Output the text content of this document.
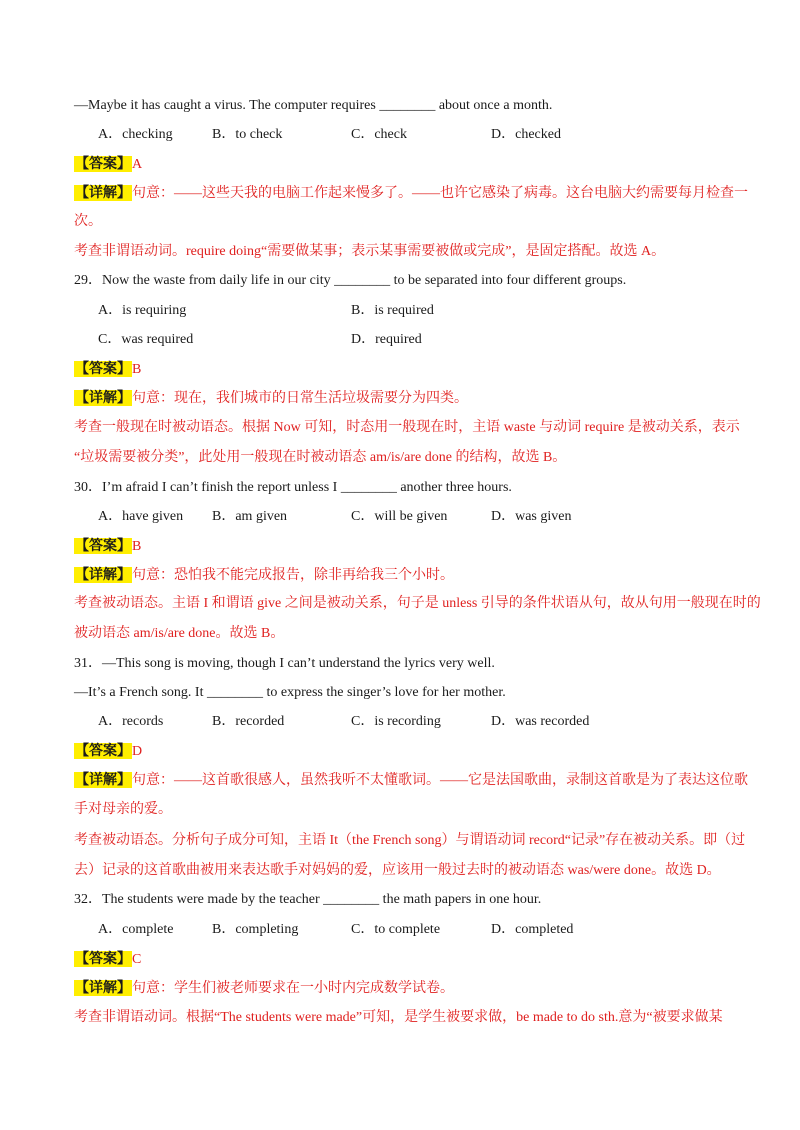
—Maybe it has caught a virus. The computer requires ________ about once a month.
A．checking	B．to check	C．check	D．checked
【答案】A
【详解】句意：——这些天我的电脑工作起来慢多了。——也许它感染了病毒。这台电脑大约需要每月检查一
次。
考查非谓语动词。require doing“需要做某事；表示某事需要被做或完成”，是固定搭配。故选 A。
29．Now the waste from daily life in our city ________ to be separated into four different groups.
A．is requiring	B．is required
C．was required	D．required
【答案】B
【详解】句意：现在，我们城市的日常生活垃圾需要分为四类。
考查一般现在时被动语态。根据 Now 可知，时态用一般现在时，主语 waste 与动词 require 是被动关系，表示
“垃圾需要被分类”，此处用一般现在时被动语态 am/is/are done 的结构，故选 B。
30．I’m afraid I can’t finish the report unless I ________ another three hours.
A．have given B．am given	C．will be given	D．was given
【答案】B
【详解】句意：恐怕我不能完成报告，除非再给我三个小时。
考查被动语态。主语 I 和谓语 give 之间是被动关系，句子是 unless 引导的条件状语从句，故从句用一般现在时的
被动语态 am/is/are done。故选 B。
31．—This song is moving, though I can’t understand the lyrics very well.
—It’s a French song. It ________ to express the singer’s love for her mother.
A．records	B．recorded	C．is recording	D．was recorded
【答案】D
【详解】句意：——这首歌很感人，虽然我听不太懂歌词。——它是法国歌曲，录制这首歌是为了表达这位歌
手对母亲的爱。
考查被动语态。分析句子成分可知，主语 It（the French song）与谓语动词 record“记录”存在被动关系。即（过
去）记录的这首歌曲被用来表达歌手对妈妈的爱，应该用一般过去时的被动语态 was/were done。故选 D。
32．The students were made by the teacher ________ the math papers in one hour.
A．complete	B．completing	C．to complete	D．completed
【答案】C
【详解】句意：学生们被老师要求在一小时内完成数学试卷。
考查非谓语动词。根据“The students were made”可知，是学生被要求做，be made to do sth.意为“被要求做某
